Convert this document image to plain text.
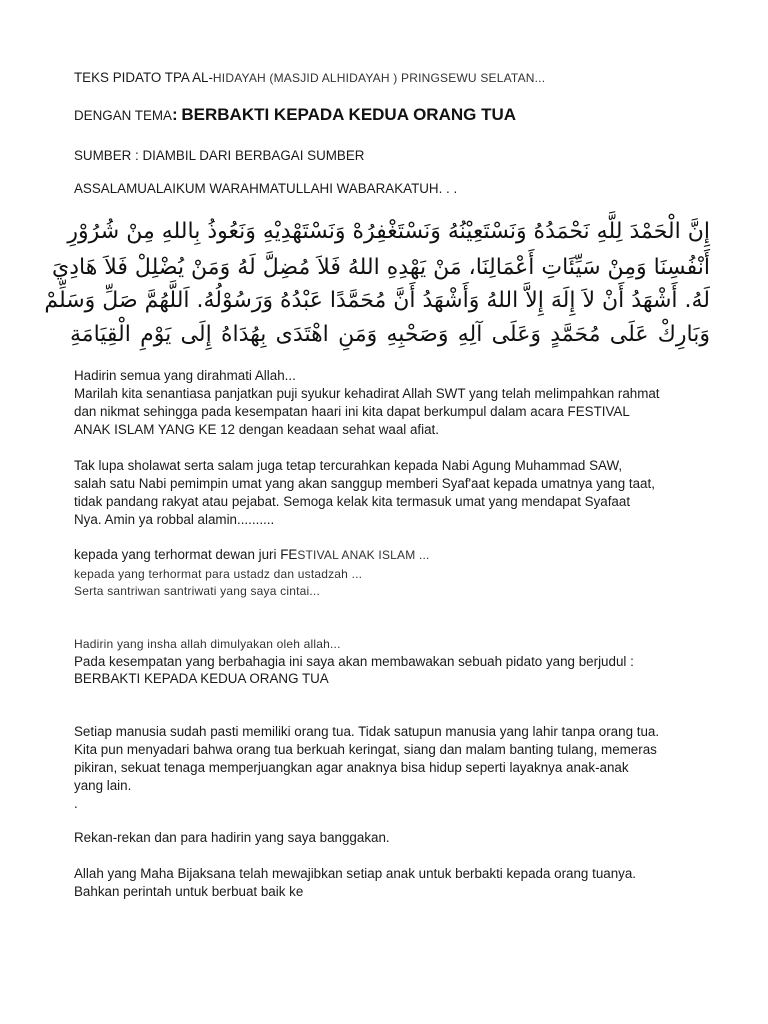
TEKS PIDATO TPA AL-HIDAYAH (MASJID ALHIDAYAH ) PRINGSEWU SELATAN...
DENGAN TEMA: BERBAKTI KEPADA KEDUA ORANG TUA
SUMBER : DIAMBIL DARI BERBAGAI SUMBER
ASSALAMUALAIKUM WARAHMATULLAHI WABARAKATUH. . .
إِنَّ الْحَمْدَ لِلَّهِ نَحْمَدُهُ وَنَسْتَعِيْنُهُ وَنَسْتَغْفِرُهْ وَنَسْتَهْدِيْهِ وَنَعُوذُ بِاللهِ مِنْ شُرُوْرِ
أَنْفُسِنَا وَمِنْ سَيِّئَاتِ أَعْمَالِنَا، مَنْ يَهْدِهِ اللهُ فَلاَ مُضِلَّ لَهُ وَمَنْ يُضْلِلْ فَلاَ هَادِيَ
لَهُ. أَشْهَدُ أَنْ لاَ إِلَهَ إِلاَّ اللهُ وَأَشْهَدُ أَنَّ مُحَمَّدًا عَبْدُهُ وَرَسُوْلُهُ. اَللَّهُمَّ صَلِّ وَسَلِّمْ
وَبَارِكْ عَلَى مُحَمَّدٍ وَعَلَى آلِهِ وَصَحْبِهِ وَمَنِ اهْتَدَى بِهُدَاهُ إِلَى يَوْمِ الْقِيَامَةِ
Hadirin semua yang dirahmati Allah...
Marilah kita senantiasa panjatkan puji syukur kehadirat Allah SWT yang telah melimpahkan rahmat
dan nikmat sehingga pada kesempatan haari ini kita dapat berkumpul dalam acara FESTIVAL
ANAK ISLAM YANG KE 12 dengan keadaan sehat waal afiat.
Tak lupa sholawat serta salam juga tetap tercurahkan kepada Nabi Agung Muhammad SAW,
salah satu Nabi pemimpin umat yang akan sanggup memberi Syaf'aat kepada umatnya yang taat,
tidak pandang rakyat atau pejabat. Semoga kelak kita termasuk umat yang mendapat Syafaat
Nya. Amin ya robbal alamin..........
kepada yang terhormat dewan juri FESTIVAL ANAK ISLAM ...
kepada yang terhormat para ustadz dan ustadzah ...
Serta santriwan santriwati yang saya cintai...
Hadirin yang insha allah dimulyakan oleh allah...
Pada kesempatan yang berbahagia ini saya akan membawakan sebuah pidato yang berjudul :
BERBAKTI KEPADA KEDUA ORANG TUA
Setiap manusia sudah pasti memiliki orang tua. Tidak satupun manusia yang lahir tanpa orang tua.
Kita pun menyadari bahwa orang tua berkuah keringat, siang dan malam banting tulang, memeras
pikiran, sekuat tenaga memperjuangkan agar anaknya bisa hidup seperti layaknya anak-anak
yang lain.
.
Rekan-rekan dan para hadirin yang saya banggakan.
Allah yang Maha Bijaksana telah mewajibkan setiap anak untuk berbakti kepada orang tuanya.
Bahkan perintah untuk berbuat baik ke
